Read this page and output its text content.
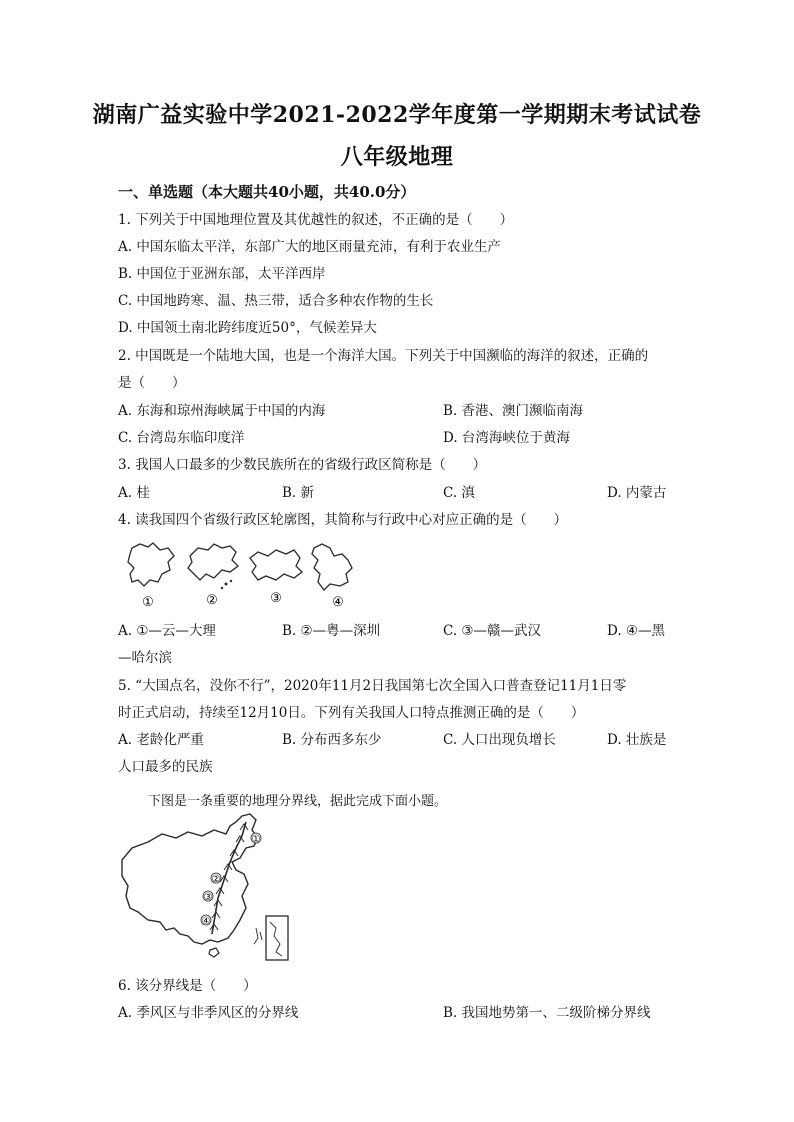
湖南广益实验中学2021-2022学年度第一学期期末考试试卷
八年级地理
一、单选题（本大题共40小题，共40.0分）
1. 下列关于中国地理位置及其优越性的叙述，不正确的是（　　）
A. 中国东临太平洋，东部广大的地区雨量充沛，有利于农业生产
B. 中国位于亚洲东部，太平洋西岸
C. 中国地跨寒、温、热三带，适合多种农作物的生长
D. 中国领土南北跨纬度近50°，气候差异大
2. 中国既是一个陆地大国，也是一个海洋大国。下列关于中国濒临的海洋的叙述，正确的
是（　　）
A. 东海和琼州海峡属于中国的内海	B. 香港、澳门濒临南海
C. 台湾岛东临印度洋	D. 台湾海峡位于黄海
3. 我国人口最多的少数民族所在的省级行政区简称是（　　）
A. 桂	B. 新	C. 滇	D. 内蒙古
4. 读我国四个省级行政区轮廓图，其简称与行政中心对应正确的是（　　）
①	②	③	④
A. ①—云—大理	B. ②—粤—深圳	C. ③—赣—武汉	D. ④—黑
—哈尔滨
5. “大国点名，没你不行”，2020年11月2日我国第七次全国入口普查登记11月1日零
时正式启动，持续至12月10日。下列有关我国人口特点推测正确的是（　　）
A. 老龄化严重	B. 分布西多东少	C. 人口出现负增长	D. 壮族是
人口最多的民族
下图是一条重要的地理分界线，据此完成下面小题。
①
②
③
④
6. 该分界线是（　　）
A. 季风区与非季风区的分界线	B. 我国地势第一、二级阶梯分界线
